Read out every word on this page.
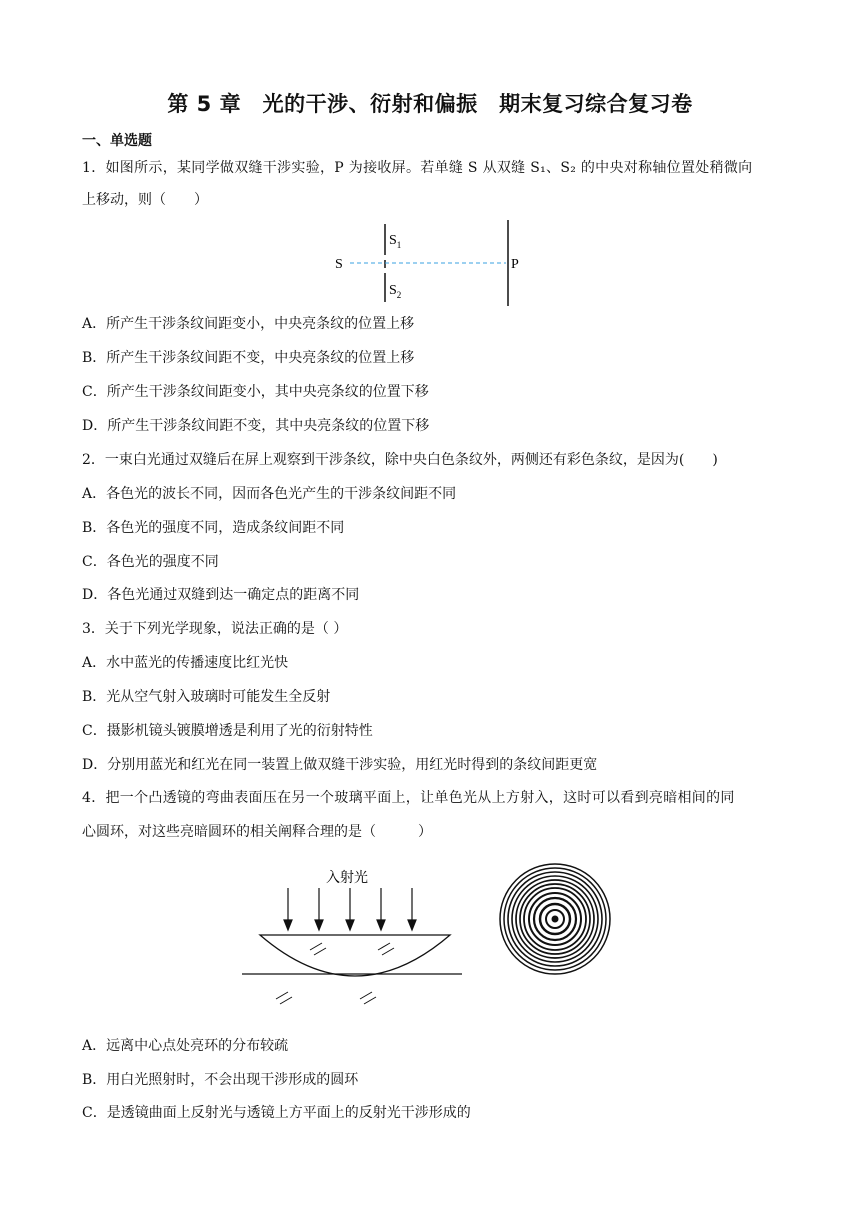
第 5 章　光的干涉、衍射和偏振　期末复习综合复习卷
一、单选题
1．如图所示，某同学做双缝干涉实验，P 为接收屏。若单缝 S 从双缝 S₁、S₂ 的中央对称轴位置处稍微向
上移动，则（　　）
S
$S_1$
$S_2$
P
A．所产生干涉条纹间距变小，中央亮条纹的位置上移
B．所产生干涉条纹间距不变，中央亮条纹的位置上移
C．所产生干涉条纹间距变小，其中央亮条纹的位置下移
D．所产生干涉条纹间距不变，其中央亮条纹的位置下移
2．一束白光通过双缝后在屏上观察到干涉条纹，除中央白色条纹外，两侧还有彩色条纹，是因为(　　)
A．各色光的波长不同，因而各色光产生的干涉条纹间距不同
B．各色光的强度不同，造成条纹间距不同
C．各色光的强度不同
D．各色光通过双缝到达一确定点的距离不同
3．关于下列光学现象，说法正确的是（ ）
A．水中蓝光的传播速度比红光快
B．光从空气射入玻璃时可能发生全反射
C．摄影机镜头镀膜增透是利用了光的衍射特性
D．分别用蓝光和红光在同一装置上做双缝干涉实验，用红光时得到的条纹间距更宽
4．把一个凸透镜的弯曲表面压在另一个玻璃平面上，让单色光从上方射入，这时可以看到亮暗相间的同
心圆环，对这些亮暗圆环的相关阐释合理的是（　　　）
入射光
A．远离中心点处亮环的分布较疏
B．用白光照射时，不会出现干涉形成的圆环
C．是透镜曲面上反射光与透镜上方平面上的反射光干涉形成的
